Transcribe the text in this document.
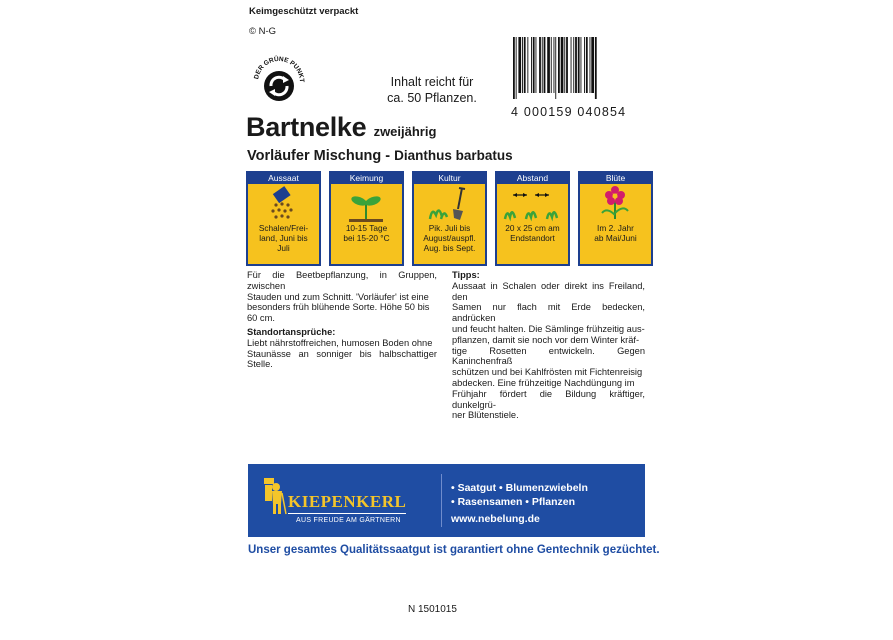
Keimgeschützt verpackt
© N-G
DER GRÜNE PUNKT	Inhalt reicht für
ca. 50 Pflanzen.
4 000159 040854
Bartnelke zweijährig
Vorläufer Mischung - Dianthus barbatus
Aussaat
Schalen/Frei-
land, Juni bis
Juli
Keimung
10-15 Tage
bei 15-20 °C
Kultur
Pik. Juli bis
August/auspfl.
Aug. bis Sept.
Abstand
20 x 25 cm am
Endstandort
Blüte
Im 2. Jahr
ab Mai/Juni
Für die Beetbepflanzung, in Gruppen, zwischen
Stauden und zum Schnitt. 'Vorläufer' ist eine
besonders früh blühende Sorte. Höhe 50 bis
60 cm.
Standortansprüche:
Liebt nährstoffreichen, humosen Boden ohne
Staunässe an sonniger bis halbschattiger Stelle.
Tipps:
Aussaat in Schalen oder direkt ins Freiland, den
Samen nur flach mit Erde bedecken, andrücken
und feucht halten. Die Sämlinge frühzeitig aus-
pflanzen, damit sie noch vor dem Winter kräf-
tige Rosetten entwickeln. Gegen Kaninchenfraß
schützen und bei Kahlfrösten mit Fichtenreisig
abdecken. Eine frühzeitige Nachdüngung im
Frühjahr fördert die Bildung kräftiger, dunkelgrü-
ner Blütenstiele.
KIEPENKERL
AUS FREUDE AM GÄRTNERN
• Saatgut • Blumenzwiebeln
• Rasensamen • Pflanzen
www.nebelung.de
Unser gesamtes Qualitätssaatgut ist garantiert ohne Gentechnik gezüchtet.
N 1501015
